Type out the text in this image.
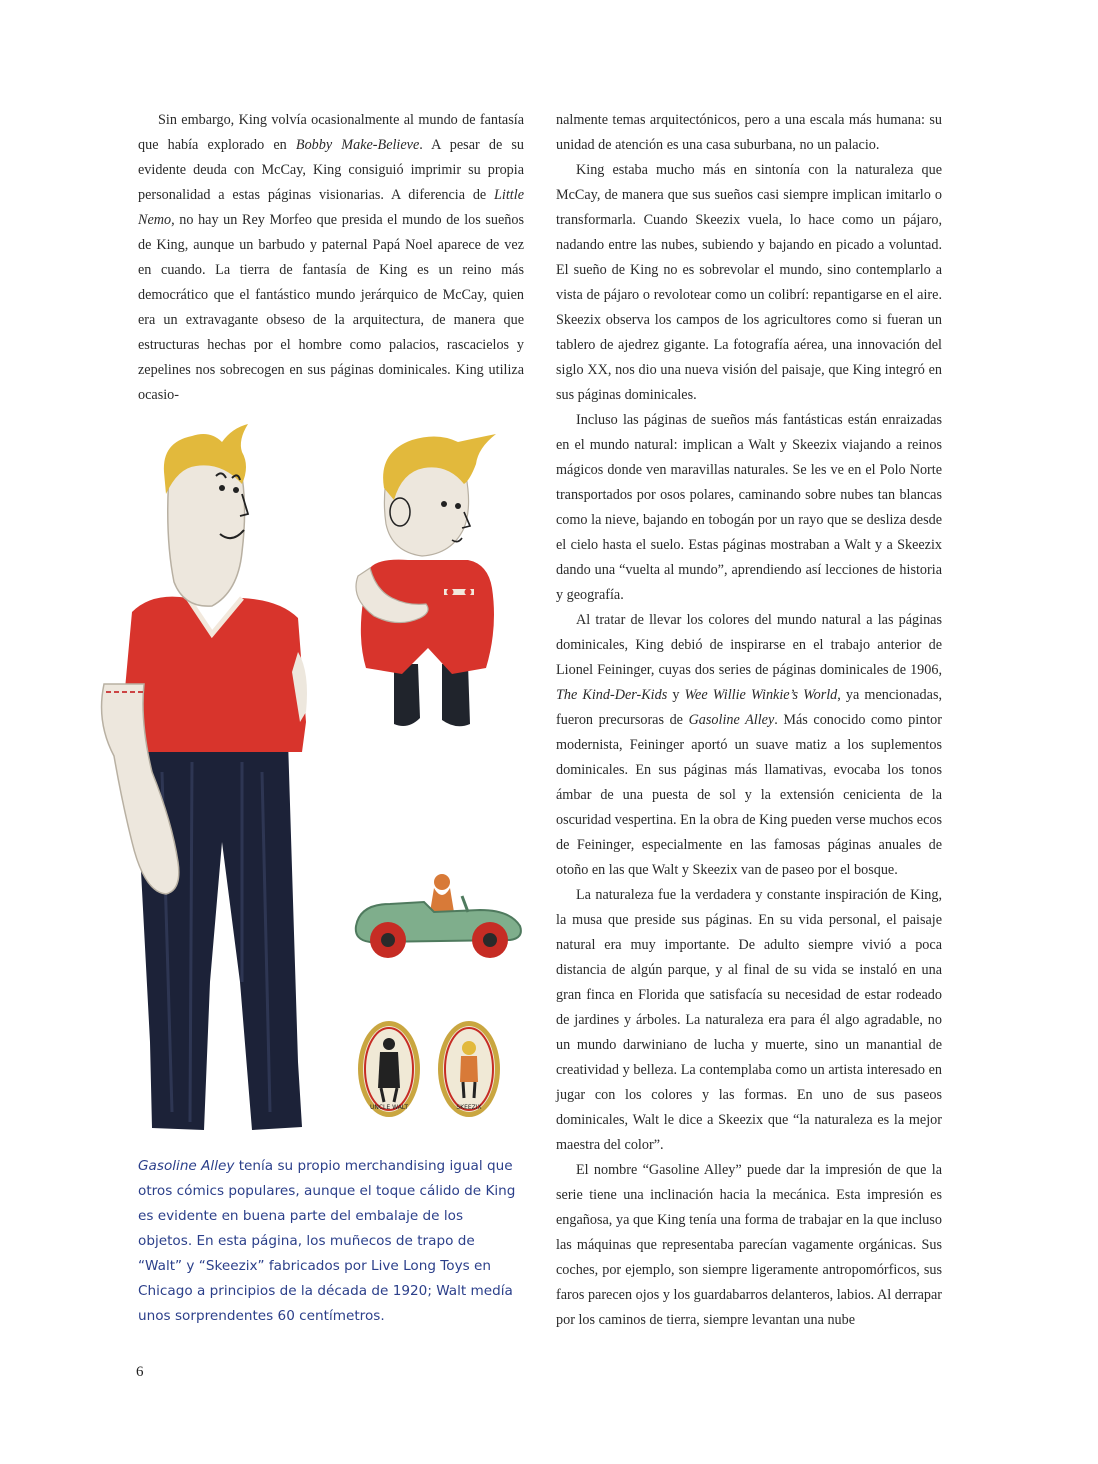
Sin embargo, King volvía ocasionalmente al mundo de fantasía que había explorado en Bobby Make-Believe. A pesar de su evidente deuda con McCay, King consiguió imprimir su propia personalidad a estas páginas visionarias. A diferencia de Little Nemo, no hay un Rey Morfeo que presida el mundo de los sueños de King, aunque un barbudo y paternal Papá Noel aparece de vez en cuando. La tierra de fantasía de King es un reino más democrático que el fantástico mundo jerárquico de McCay, quien era un extravagante obseso de la arquitectura, de manera que estructuras hechas por el hombre como palacios, rascacielos y zepelines nos sobrecogen en sus páginas dominicales. King utiliza ocasio-

nalmente temas arquitectónicos, pero a una escala más humana: su unidad de atención es una casa suburbana, no un palacio.

King estaba mucho más en sintonía con la naturaleza que McCay, de manera que sus sueños casi siempre implican imitarlo o transformarla. Cuando Skeezix vuela, lo hace como un pájaro, nadando entre las nubes, subiendo y bajando en picado a voluntad. El sueño de King no es sobrevolar el mundo, sino contemplarlo a vista de pájaro o revolotear como un colibrí: repantigarse en el aire. Skeezix observa los campos de los agricultores como si fueran un tablero de ajedrez gigante. La fotografía aérea, una innovación del siglo XX, nos dio una nueva visión del paisaje, que King integró en sus páginas dominicales.

Incluso las páginas de sueños más fantásticas están enraizadas en el mundo natural: implican a Walt y Skeezix viajando a reinos mágicos donde ven maravillas naturales. Se les ve en el Polo Norte transportados por osos polares, caminando sobre nubes tan blancas como la nieve, bajando en tobogán por un rayo que se desliza desde el cielo hasta el suelo. Estas páginas mostraban a Walt y a Skeezix dando una “vuelta al mundo”, aprendiendo así lecciones de historia y geografía.

Al tratar de llevar los colores del mundo natural a las páginas dominicales, King debió de inspirarse en el trabajo anterior de Lionel Feininger, cuyas dos series de páginas dominicales de 1906, The Kind-Der-Kids y Wee Willie Winkie’s World, ya mencionadas, fueron precursoras de Gasoline Alley. Más conocido como pintor modernista, Feininger aportó un suave matiz a los suplementos dominicales. En sus páginas más llamativas, evocaba los tonos ámbar de una puesta de sol y la extensión cenicienta de la oscuridad vespertina. En la obra de King pueden verse muchos ecos de Feininger, especialmente en las famosas páginas anuales de otoño en las que Walt y Skeezix van de paseo por el bosque.

La naturaleza fue la verdadera y constante inspiración de King, la musa que preside sus páginas. En su vida personal, el paisaje natural era muy importante. De adulto siempre vivió a poca distancia de algún parque, y al final de su vida se instaló en una gran finca en Florida que satisfacía su necesidad de estar rodeado de jardines y árboles. La naturaleza era para él algo agradable, no un mundo darwiniano de lucha y muerte, sino un manantial de creatividad y belleza. La contemplaba como un artista interesado en jugar con los colores y las formas. En uno de sus paseos dominicales, Walt le dice a Skeezix que “la naturaleza es la mejor maestra del color”.

El nombre “Gasoline Alley” puede dar la impresión de que la serie tiene una inclinación hacia la mecánica. Esta impresión es engañosa, ya que King tenía una forma de trabajar en la que incluso las máquinas que representaba parecían vagamente orgánicas. Sus coches, por ejemplo, son siempre ligeramente antropomórficos, sus faros parecen ojos y los guardabarros delanteros, labios. Al derrapar por los caminos de tierra, siempre levantan una nube

UNCLE WALT	SKEEZIX

Gasoline Alley tenía su propio merchandising igual que otros cómics populares, aunque el toque cálido de King es evidente en buena parte del embalaje de los objetos. En esta página, los muñecos de trapo de “Walt” y “Skeezix” fabricados por Live Long Toys en Chicago a principios de la década de 1920; Walt medía unos sorprendentes 60 centímetros.

6
